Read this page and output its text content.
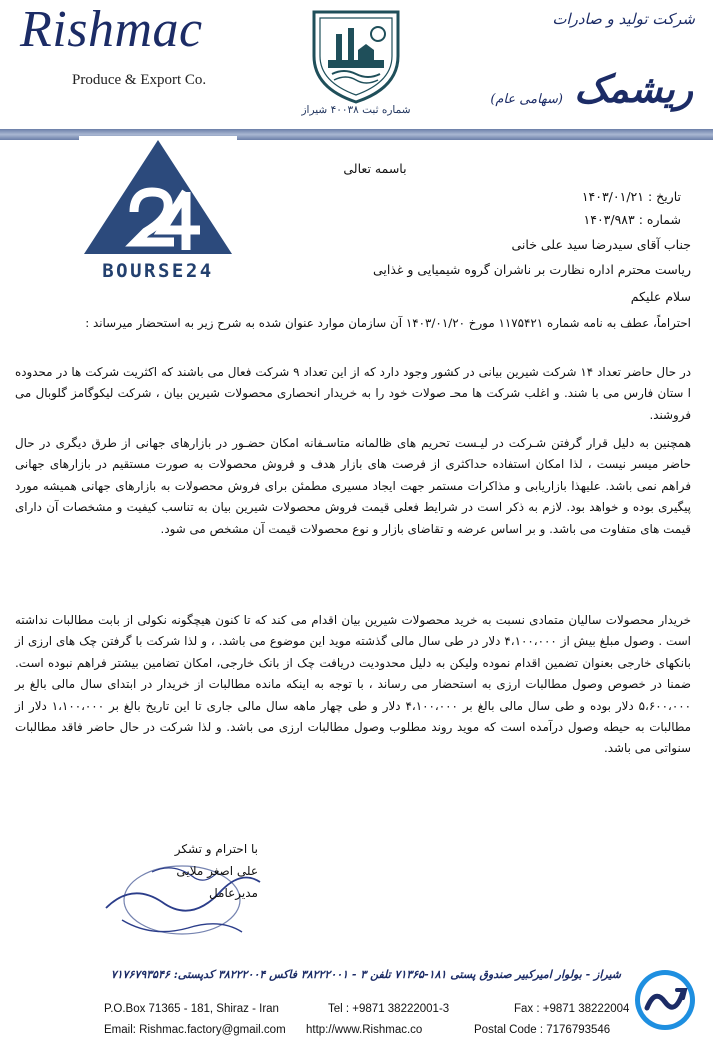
Rishmac
Produce & Export Co.
شماره ثبت ۴۰۰۳۸ شیراز
شرکت تولید و صادرات
ریشمک
(سهامی عام)
BOURSE24
باسمه تعالی
تاریخ : ۱۴۰۳/۰۱/۲۱
شماره : ۱۴۰۳/۹۸۳
جناب آقای سیدرضا سید علی خانی
ریاست محترم اداره نظارت بر ناشران گروه شیمیایی و غذایی
سلام علیکم
احتراماً، عطف به نامه شماره ۱۱۷۵۴۲۱ مورخ ۱۴۰۳/۰۱/۲۰ آن سازمان موارد عنوان شده به شرح زیر به استحضار میرساند :
در حال حاضر تعداد ۱۴ شرکت شیرین بیانی در کشور وجود دارد که از این تعداد ۹ شرکت فعال می باشند که اکثریت شرکت ها در محدوده ا ستان فارس می با شند. و اغلب شرکت ها محـ صولات خود را به خریدار انحصاری محصولات شیرین بیان ، شرکت لیکوگامز گلوبال می فروشند.
همچنین به دلیل قرار گرفتن شـرکت در لیـست تحریم های ظالمانه متاسـفانه امکان حضـور در بازارهای جهانی از طرق دیگری در حال حاضر میسر نیست ، لذا امکان استفاده حداکثری از فرصت های بازار هدف و فروش محصولات به صورت مستقیم در بازارهای جهانی فراهم نمی باشد. علیهذا بازاریابی و مذاکرات مستمر جهت ایجاد مسیری مطمئن برای فروش محصولات به بازارهای جهانی همیشه مورد پیگیری بوده و خواهد بود. لازم به ذکر است در شرایط فعلی قیمت فروش محصولات شیرین بیان به تناسب کیفیت و مشخصات آن دارای قیمت های متفاوت می باشد. و بر اساس عرضه و تقاضای بازار و نوع محصولات قیمت آن مشخص می شود.
خریدار محصولات سالیان متمادی نسبت به خرید محصولات شیرین بیان اقدام می کند که تا کنون هیچگونه نکولی از بابت مطالبات نداشته است . وصول مبلغ بیش از ۴،۱۰۰،۰۰۰ دلار در طی سال مالی گذشته موید این موضوع می باشد. ، و لذا شرکت با گرفتن چک های ارزی از بانکهای خارجی بعنوان تضمین اقدام نموده ولیکن به دلیل محدودیت دریافت چک از بانک خارجی، امکان تضامین بیشتر فراهم نبوده است. ضمنا در خصوص وصول مطالبات ارزی به استحضار می رساند ، با توجه به اینکه مانده مطالبات از خریدار در ابتدای سال مالی بالغ بر ۵،۶۰۰،۰۰۰ دلار بوده و طی سال مالی بالغ بر ۴،۱۰۰،۰۰۰ دلار و طی چهار ماهه سال مالی جاری تا این تاریخ بالغ بر ۱،۱۰۰،۰۰۰ دلار از مطالبات به حیطه وصول درآمده است که موید روند مطلوب وصول مطالبات ارزی می باشد. و لذا شرکت در حال حاضر فاقد مطالبات سنواتی می باشد.
با احترام و تشکر
علی اصغر ملایی
مدیرعامل
شیراز - بولوار امیرکبیر صندوق پستی ۱۸۱-۷۱۳۶۵ تلفن ۳ - ۳۸۲۲۲۰۰۱ فاکس ۳۸۲۲۲۰۰۴ کدپستی: ۷۱۷۶۷۹۳۵۴۶
P.O.Box 71365 - 181, Shiraz - Iran	Tel : +9871 38222001-3	Fax : +9871 38222004
Email: Rishmac.factory@gmail.com http://www.Rishmac.co	Postal Code : 7176793546
